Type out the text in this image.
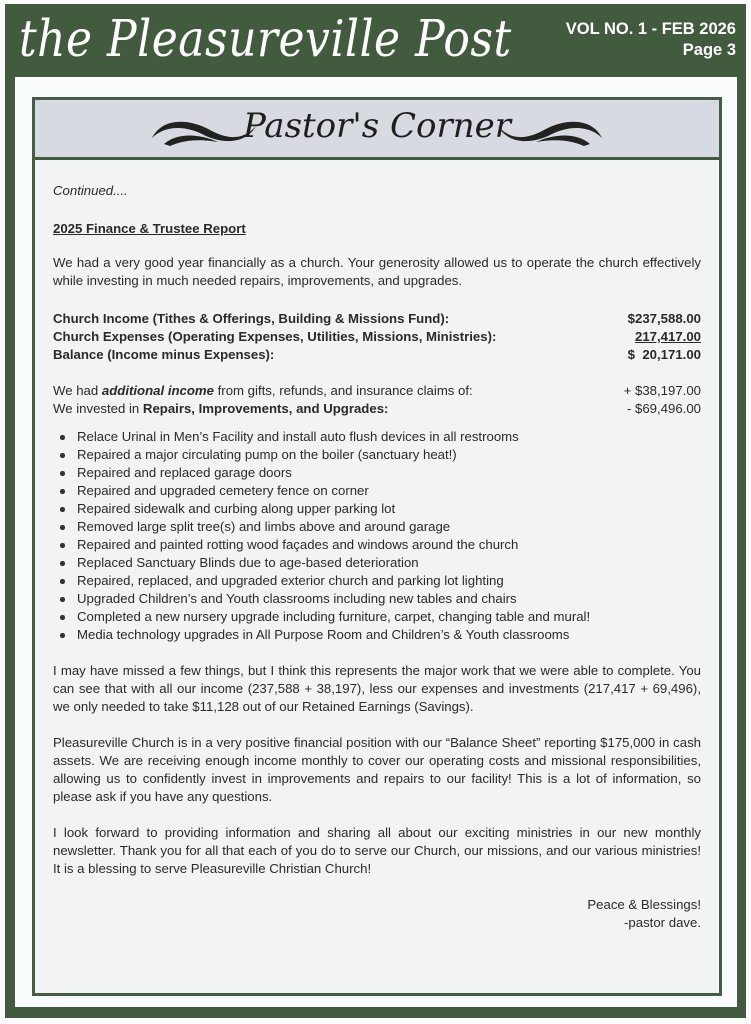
the Pleasureville Post	VOL NO. 1 - FEB 2026
Page 3
Pastor's Corner
Continued....
2025 Finance & Trustee Report
We had a very good year financially as a church. Your generosity allowed us to operate the church effectively while investing in much needed repairs, improvements, and upgrades.
Church Income (Tithes & Offerings, Building & Missions Fund):	$237,588.00
Church Expenses (Operating Expenses, Utilities, Missions, Ministries):	217,417.00
Balance (Income minus Expenses):	$  20,171.00
We had additional income from gifts, refunds, and insurance claims of:	+ $38,197.00
We invested in Repairs, Improvements, and Upgrades:	- $69,496.00
Relace Urinal in Men’s Facility and install auto flush devices in all restrooms
Repaired a major circulating pump on the boiler (sanctuary heat!)
Repaired and replaced garage doors
Repaired and upgraded cemetery fence on corner
Repaired sidewalk and curbing along upper parking lot
Removed large split tree(s) and limbs above and around garage
Repaired and painted rotting wood façades and windows around the church
Replaced Sanctuary Blinds due to age-based deterioration
Repaired, replaced, and upgraded exterior church and parking lot lighting
Upgraded Children’s and Youth classrooms including new tables and chairs
Completed a new nursery upgrade including furniture, carpet, changing table and mural!
Media technology upgrades in All Purpose Room and Children’s & Youth classrooms
I may have missed a few things, but I think this represents the major work that we were able to complete. You can see that with all our income (237,588 + 38,197), less our expenses and investments (217,417 + 69,496), we only needed to take $11,128 out of our Retained Earnings (Savings).
Pleasureville Church is in a very positive financial position with our “Balance Sheet” reporting $175,000 in cash assets. We are receiving enough income monthly to cover our operating costs and missional responsibilities, allowing us to confidently invest in improvements and repairs to our facility! This is a lot of information, so please ask if you have any questions.
I look forward to providing information and sharing all about our exciting ministries in our new monthly newsletter. Thank you for all that each of you do to serve our Church, our missions, and our various ministries! It is a blessing to serve Pleasureville Christian Church!
Peace & Blessings!
-pastor dave.
